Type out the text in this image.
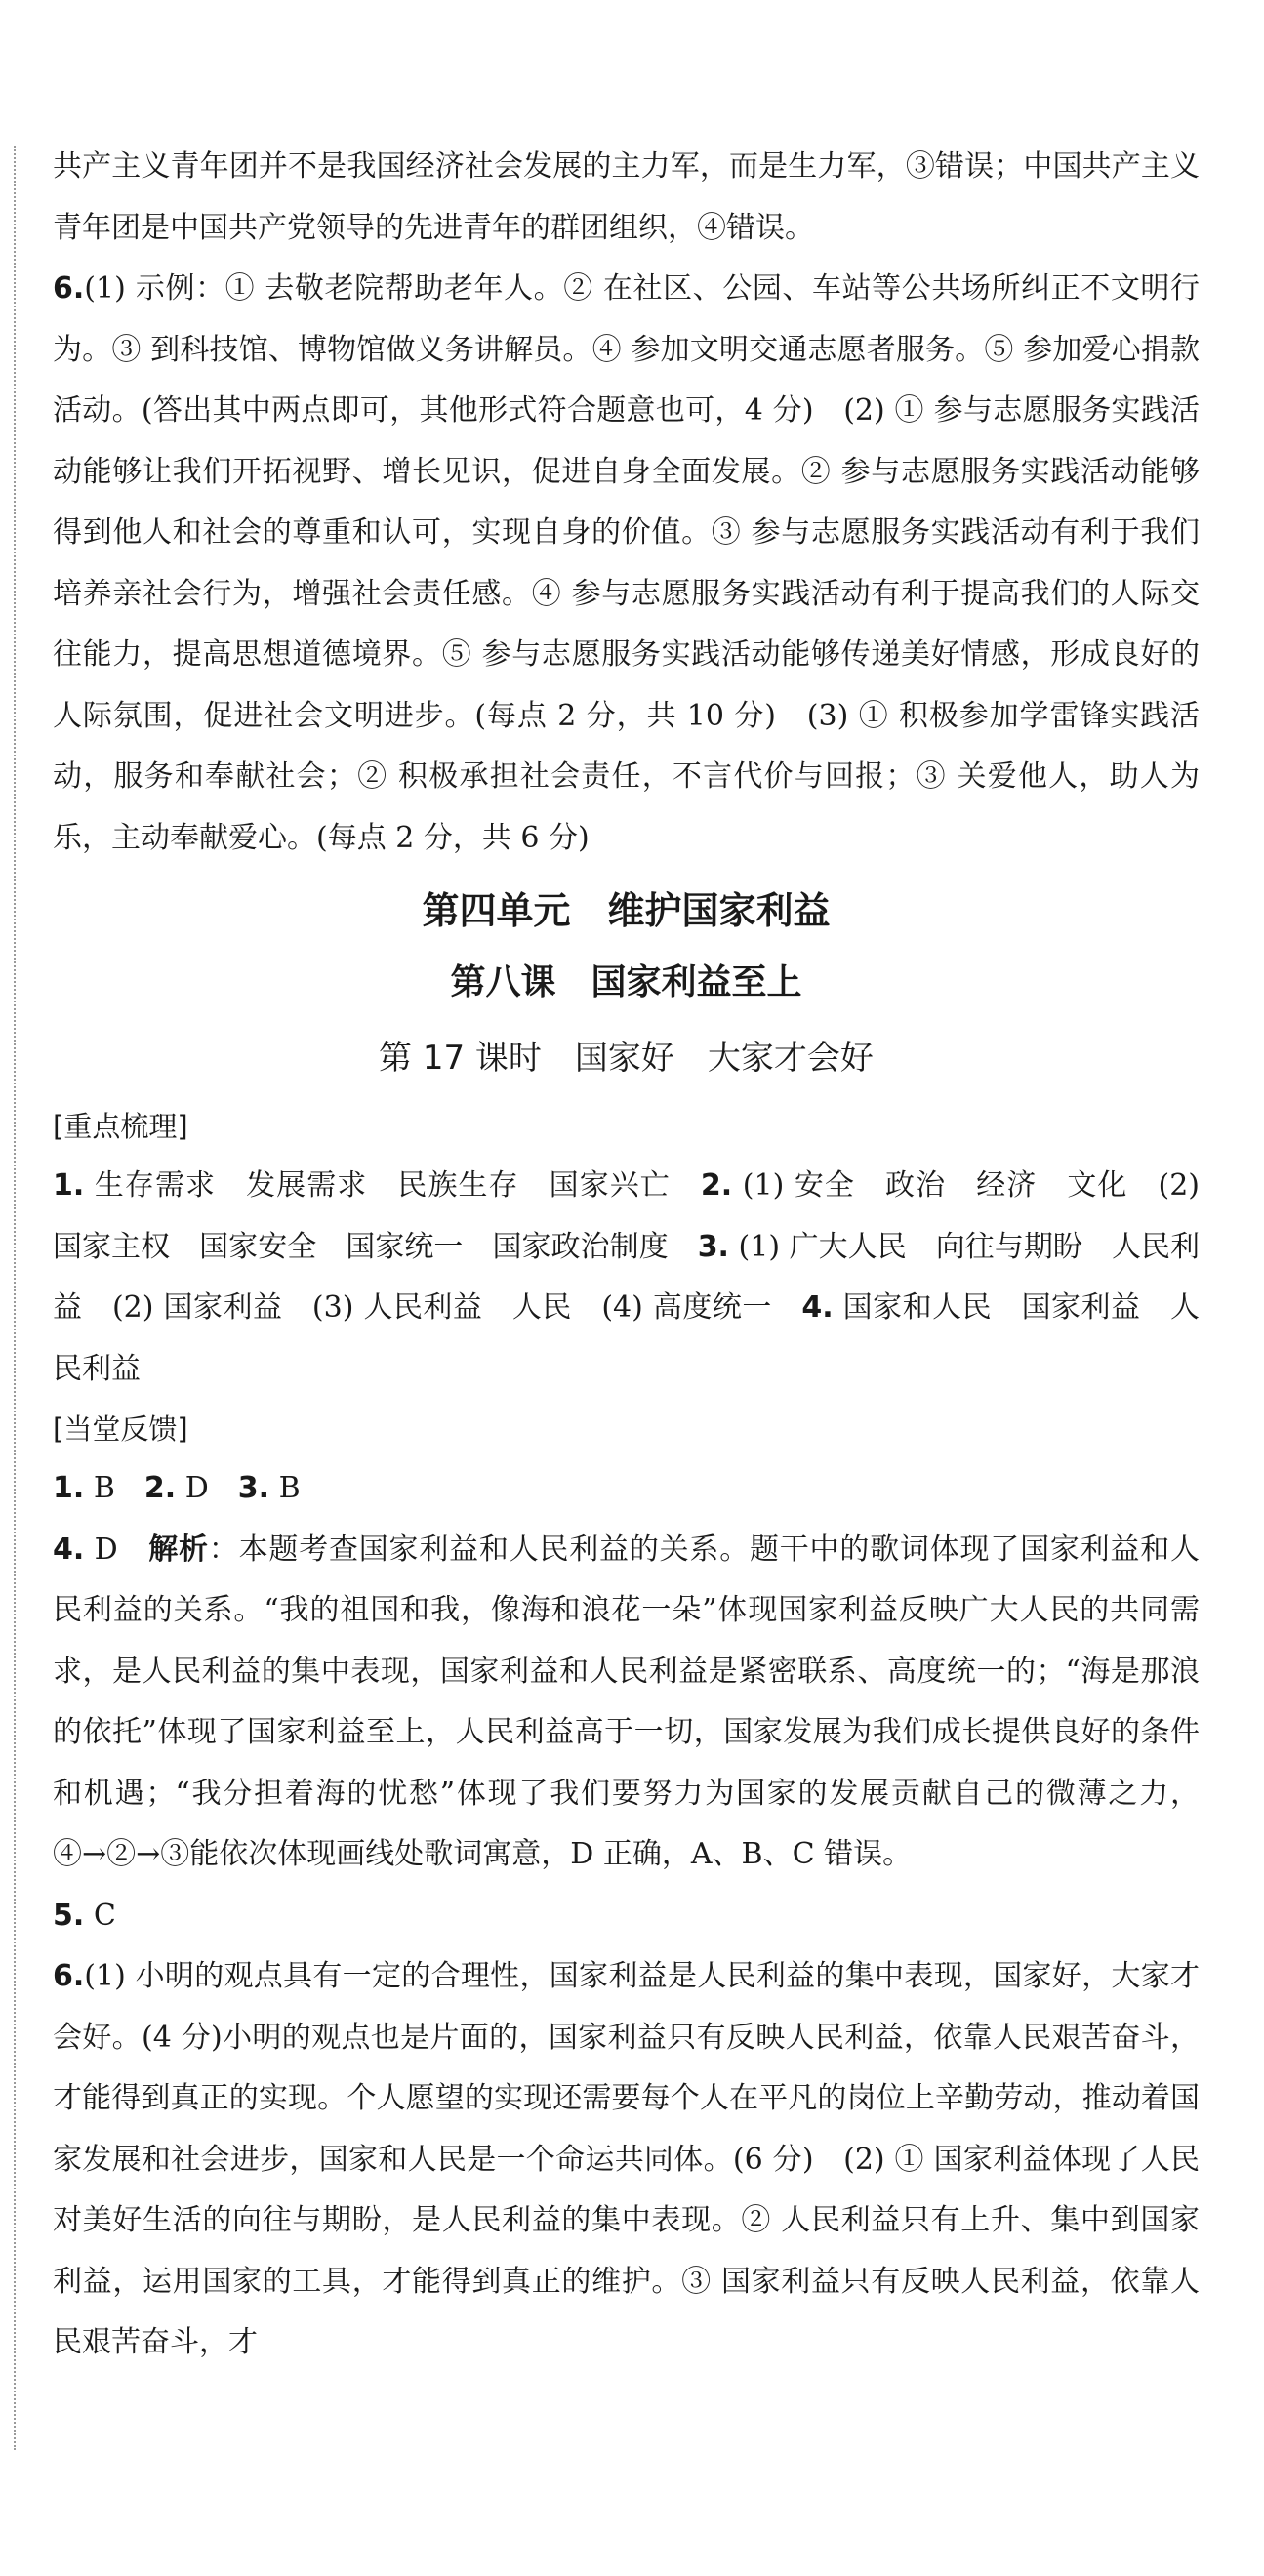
共产主义青年团并不是我国经济社会发展的主力军，而是生力军，③错误；中国共产主义青年团是中国共产党领导的先进青年的群团组织，④错误。

6.(1) 示例：① 去敬老院帮助老年人。② 在社区、公园、车站等公共场所纠正不文明行为。③ 到科技馆、博物馆做义务讲解员。④ 参加文明交通志愿者服务。⑤ 参加爱心捐款活动。(答出其中两点即可，其他形式符合题意也可，4 分)　(2) ① 参与志愿服务实践活动能够让我们开拓视野、增长见识，促进自身全面发展。② 参与志愿服务实践活动能够得到他人和社会的尊重和认可，实现自身的价值。③ 参与志愿服务实践活动有利于我们培养亲社会行为，增强社会责任感。④ 参与志愿服务实践活动有利于提高我们的人际交往能力，提高思想道德境界。⑤ 参与志愿服务实践活动能够传递美好情感，形成良好的人际氛围，促进社会文明进步。(每点 2 分，共 10 分)　(3) ① 积极参加学雷锋实践活动，服务和奉献社会；② 积极承担社会责任，不言代价与回报；③ 关爱他人，助人为乐，主动奉献爱心。(每点 2 分，共 6 分)

第四单元　维护国家利益
第八课　国家利益至上
第 17 课时　国家好　大家才会好
[重点梳理]

1. 生存需求　发展需求　民族生存　国家兴亡　2. (1) 安全　政治　经济　文化　(2) 国家主权　国家安全　国家统一　国家政治制度　3. (1) 广大人民　向往与期盼　人民利益　(2) 国家利益　(3) 人民利益　人民　(4) 高度统一　4. 国家和人民　国家利益　人民利益

[当堂反馈]

1. B　2. D　3. B

4. D　解析：本题考查国家利益和人民利益的关系。题干中的歌词体现了国家利益和人民利益的关系。“我的祖国和我，像海和浪花一朵”体现国家利益反映广大人民的共同需求，是人民利益的集中表现，国家利益和人民利益是紧密联系、高度统一的；“海是那浪的依托”体现了国家利益至上，人民利益高于一切，国家发展为我们成长提供良好的条件和机遇；“我分担着海的忧愁”体现了我们要努力为国家的发展贡献自己的微薄之力，④→②→③能依次体现画线处歌词寓意，D 正确，A、B、C 错误。

5. C

6.(1) 小明的观点具有一定的合理性，国家利益是人民利益的集中表现，国家好，大家才会好。(4 分)小明的观点也是片面的，国家利益只有反映人民利益，依靠人民艰苦奋斗，才能得到真正的实现。个人愿望的实现还需要每个人在平凡的岗位上辛勤劳动，推动着国家发展和社会进步，国家和人民是一个命运共同体。(6 分)　(2) ① 国家利益体现了人民对美好生活的向往与期盼，是人民利益的集中表现。② 人民利益只有上升、集中到国家利益，运用国家的工具，才能得到真正的维护。③ 国家利益只有反映人民利益，依靠人民艰苦奋斗，才
